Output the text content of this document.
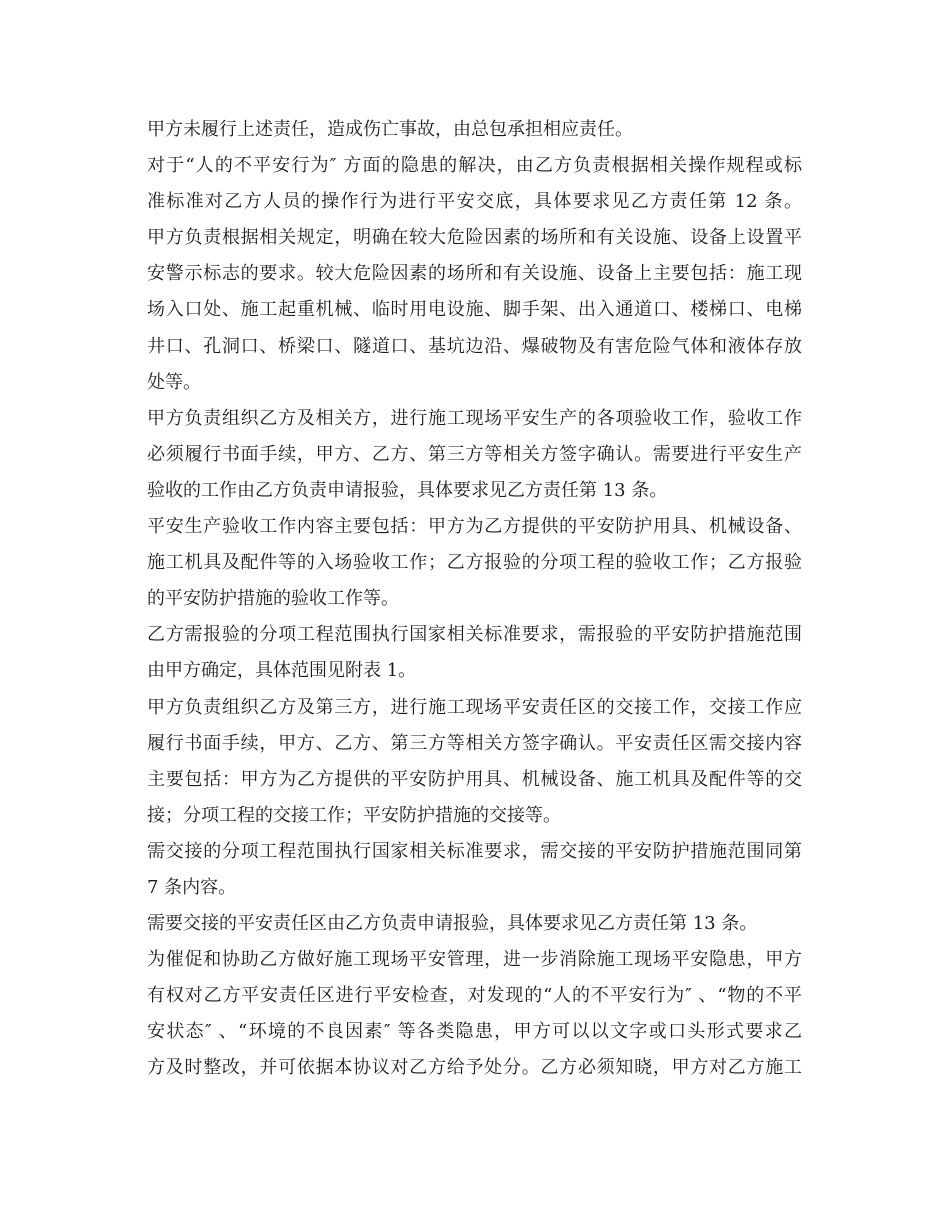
甲方未履行上述责任，造成伤亡事故，由总包承担相应责任。
对于“人的不平安行为″ 方面的隐患的解决，由乙方负责根据相关操作规程或标
准标准对乙方人员的操作行为进行平安交底，具体要求见乙方责任第 12 条。
甲方负责根据相关规定，明确在较大危险因素的场所和有关设施、设备上设置平
安警示标志的要求。较大危险因素的场所和有关设施、设备上主要包括：施工现
场入口处、施工起重机械、临时用电设施、脚手架、出入通道口、楼梯口、电梯
井口、孔洞口、桥梁口、隧道口、基坑边沿、爆破物及有害危险气体和液体存放
处等。
甲方负责组织乙方及相关方，进行施工现场平安生产的各项验收工作，验收工作
必须履行书面手续，甲方、乙方、第三方等相关方签字确认。需要进行平安生产
验收的工作由乙方负责申请报验，具体要求见乙方责任第 13 条。
平安生产验收工作内容主要包括：甲方为乙方提供的平安防护用具、机械设备、
施工机具及配件等的入场验收工作；乙方报验的分项工程的验收工作；乙方报验
的平安防护措施的验收工作等。
乙方需报验的分项工程范围执行国家相关标准要求，需报验的平安防护措施范围
由甲方确定，具体范围见附表 1。
甲方负责组织乙方及第三方，进行施工现场平安责任区的交接工作，交接工作应
履行书面手续，甲方、乙方、第三方等相关方签字确认。平安责任区需交接内容
主要包括：甲方为乙方提供的平安防护用具、机械设备、施工机具及配件等的交
接；分项工程的交接工作；平安防护措施的交接等。
需交接的分项工程范围执行国家相关标准要求，需交接的平安防护措施范围同第
7 条内容。
需要交接的平安责任区由乙方负责申请报验，具体要求见乙方责任第 13 条。
为催促和协助乙方做好施工现场平安管理，进一步消除施工现场平安隐患，甲方
有权对乙方平安责任区进行平安检查，对发现的“人的不平安行为″ 、“物的不平
安状态″ 、“环境的不良因素″ 等各类隐患，甲方可以以文字或口头形式要求乙
方及时整改，并可依据本协议对乙方给予处分。乙方必须知晓，甲方对乙方施工
